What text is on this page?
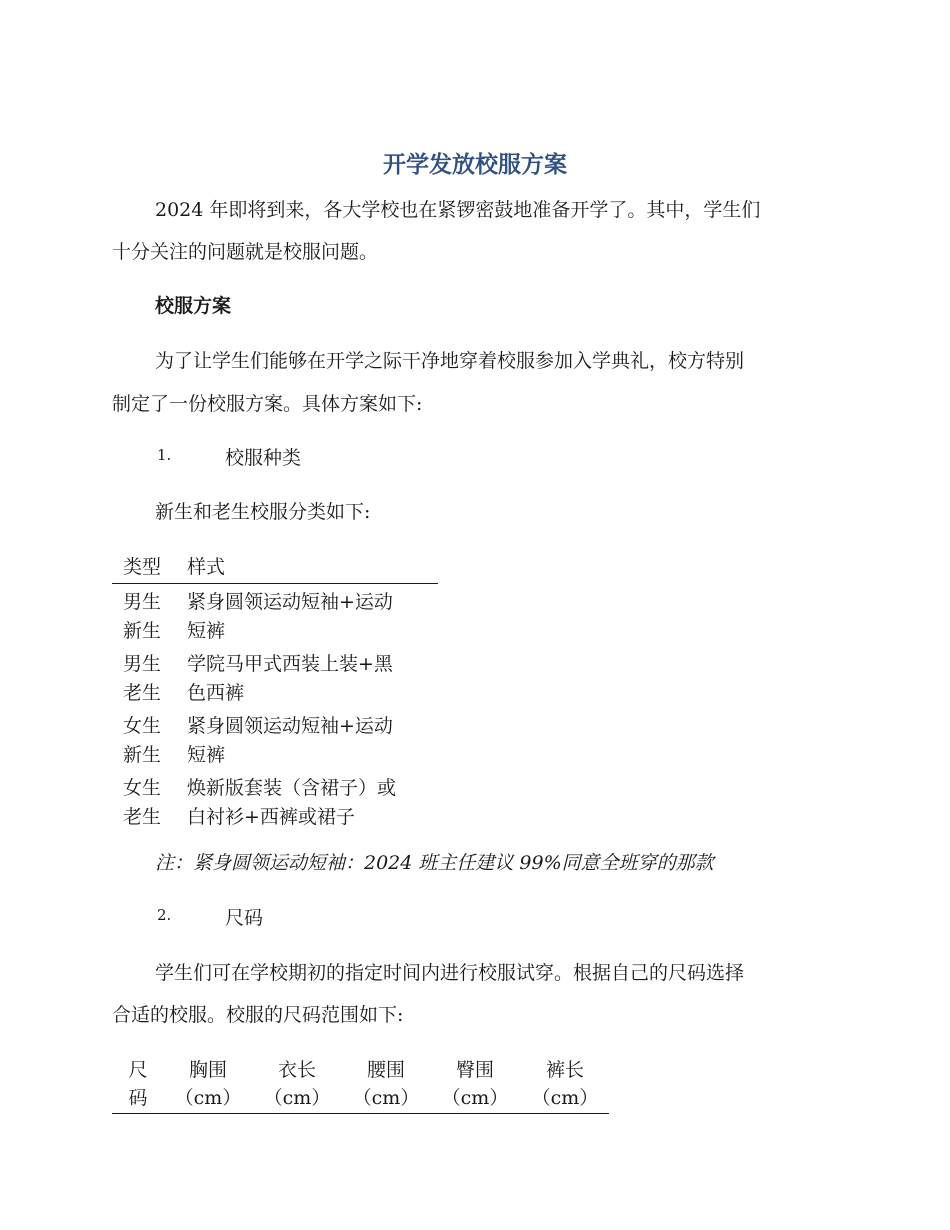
开学发放校服方案
2024 年即将到来，各大学校也在紧锣密鼓地准备开学了。其中，学生们
十分关注的问题就是校服问题。
校服方案
为了让学生们能够在开学之际干净地穿着校服参加入学典礼，校方特别
制定了一份校服方案。具体方案如下:
1.	校服种类
新生和老生校服分类如下:
类型 样式
男生
新生
紧身圆领运动短袖+运动
短裤
男生
老生
学院马甲式西装上装+黑
色西裤
女生
新生
紧身圆领运动短袖+运动
短裤
女生
老生
焕新版套装（含裙子）或
白衬衫+西裤或裙子
注：紧身圆领运动短袖：2024 班主任建议 99%同意全班穿的那款
2.	尺码
学生们可在学校期初的指定时间内进行校服试穿。根据自己的尺码选择
合适的校服。校服的尺码范围如下:
尺
码
胸围
（cm）
衣长
（cm）
腰围
（cm）
臀围
（cm）
裤长
（cm）
